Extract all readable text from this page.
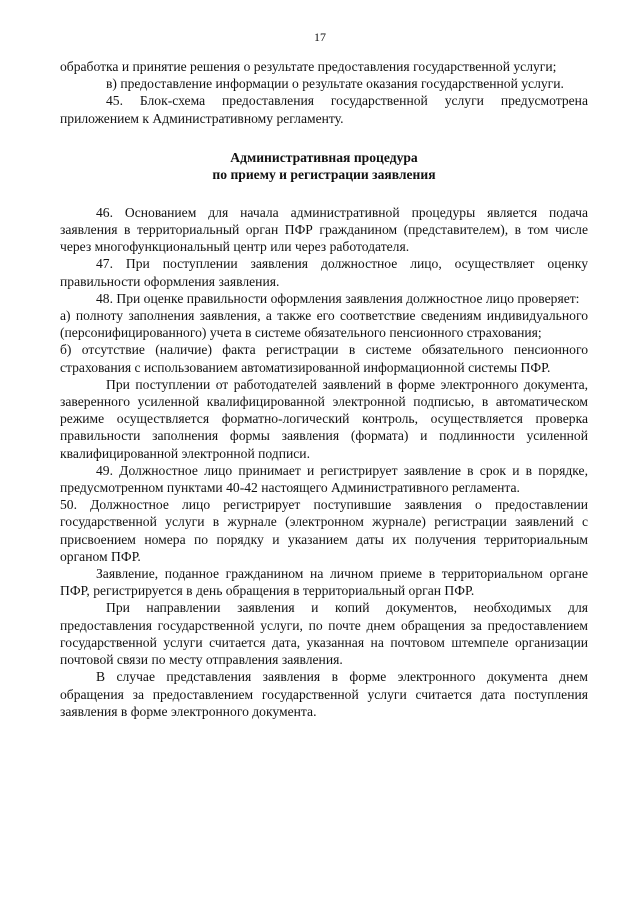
17

обработка и принятие решения о результате предоставления государственной услуги;

в) предоставление информации о результате оказания государственной услуги.

45. Блок-схема предоставления государственной услуги предусмотрена приложением к Административному регламенту.

Административная процедура
по приему и регистрации заявления

46. Основанием для начала административной процедуры является подача заявления в территориальный орган ПФР гражданином (представителем), в том числе через многофункциональный центр или через работодателя.

47. При поступлении заявления должностное лицо, осуществляет оценку правильности оформления заявления.

48. При оценке правильности оформления заявления должностное лицо проверяет:

а) полноту заполнения заявления, а также его соответствие сведениям индивидуального (персонифицированного) учета в системе обязательного пенсионного страхования;

б) отсутствие (наличие) факта регистрации в системе обязательного пенсионного страхования с использованием автоматизированной информационной системы ПФР.

При поступлении от работодателей заявлений в форме электронного документа, заверенного усиленной квалифицированной электронной подписью, в автоматическом режиме осуществляется форматно-логический контроль, осуществляется проверка правильности заполнения формы заявления (формата) и подлинности усиленной квалифицированной электронной подписи.

49. Должностное лицо принимает и регистрирует заявление в срок и в порядке, предусмотренном пунктами 40-42 настоящего Административного регламента.

50. Должностное лицо регистрирует поступившие заявления о предоставлении государственной услуги в журнале (электронном журнале) регистрации заявлений с присвоением номера по порядку и указанием даты их получения территориальным органом ПФР.

Заявление, поданное гражданином на личном приеме в территориальном органе ПФР, регистрируется в день обращения в территориальный орган ПФР.

При направлении заявления и копий документов, необходимых для предоставления государственной услуги, по почте днем обращения за предоставлением государственной услуги считается дата, указанная на почтовом штемпеле организации почтовой связи по месту отправления заявления.

В случае представления заявления в форме электронного документа днем обращения за предоставлением государственной услуги считается дата поступления заявления в форме электронного документа.
